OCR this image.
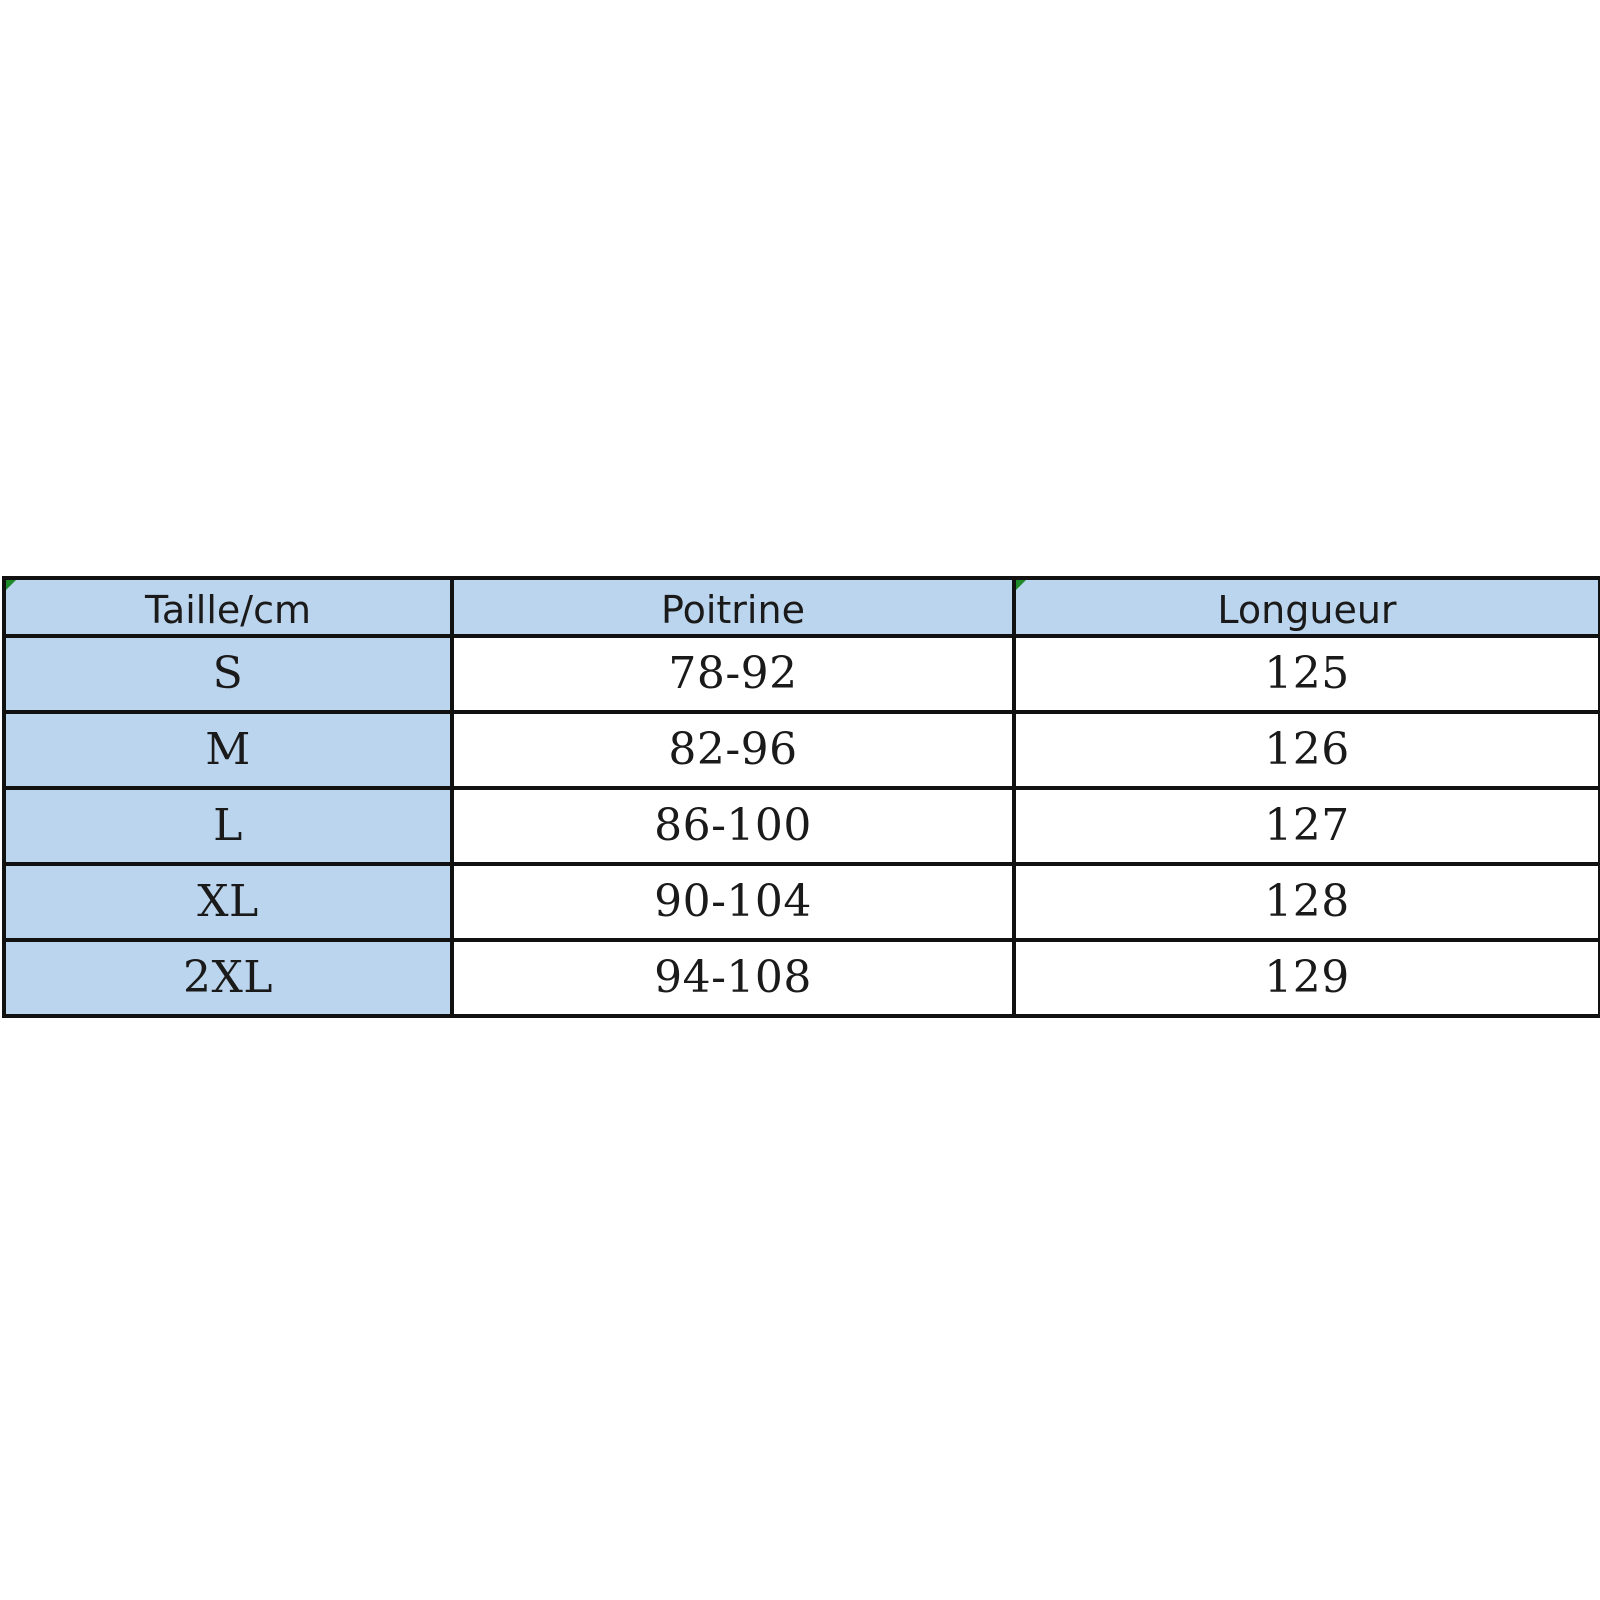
Taille/cm	Poitrine	Longueur
S	78-92	125
M	82-96	126
L	86-100	127
XL	90-104	128
2XL	94-108	129
